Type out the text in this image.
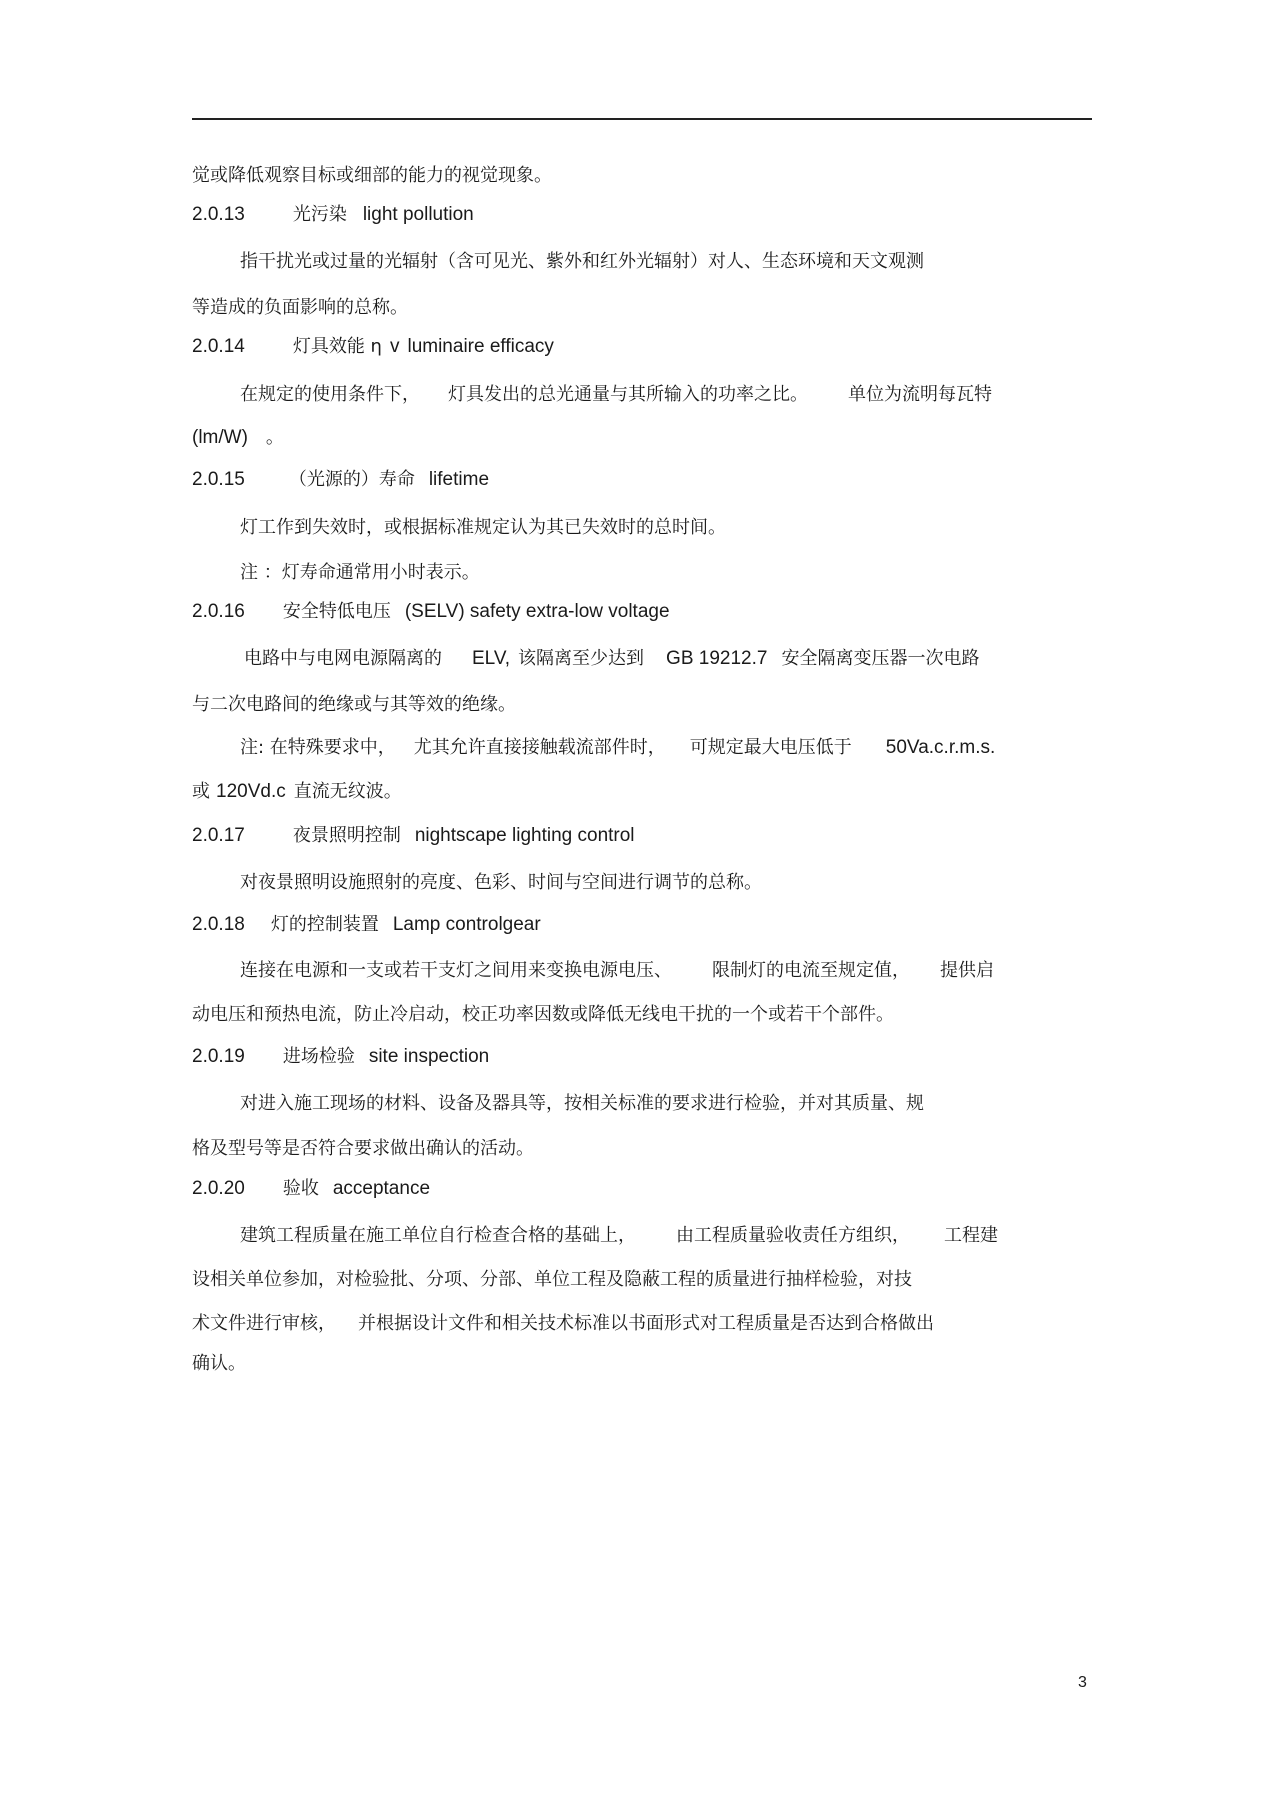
觉或降低观察目标或细部的能力的视觉现象。
2.0.13	光污染 light pollution
指干扰光或过量的光辐射（含可见光、紫外和红外光辐射）对人、生态环境和天文观测
等造成的负面影响的总称。
2.0.14	灯具效能 η v luminaire efficacy
在规定的使用条件下， 灯具发出的总光通量与其所输入的功率之比。 单位为流明每瓦特
(lm/W) 。
2.0.15 （光源的）寿命 lifetime
灯工作到失效时，或根据标准规定认为其已失效时的总时间。
注 ：灯寿命通常用小时表示。
2.0.16 安全特低电压 (SELV) safety extra-low voltage
电路中与电网电源隔离的 ELV, 该隔离至少达到 GB 19212.7 安全隔离变压器一次电路
与二次电路间的绝缘或与其等效的绝缘。
注: 在特殊要求中， 尤其允许直接接触载流部件时， 可规定最大电压低于 50Va.c.r.m.s.
或 120Vd.c 直流无纹波。
2.0.17	夜景照明控制 nightscape lighting control
对夜景照明设施照射的亮度、色彩、时间与空间进行调节的总称。
2.0.18 灯的控制装置 Lamp controlgear
连接在电源和一支或若干支灯之间用来变换电源电压、 限制灯的电流至规定值， 提供启
动电压和预热电流，防止冷启动，校正功率因数或降低无线电干扰的一个或若干个部件。
2.0.19 进场检验 site inspection
对进入施工现场的材料、设备及器具等，按相关标准的要求进行检验，并对其质量、规
格及型号等是否符合要求做出确认的活动。
2.0.20 验收 acceptance
建筑工程质量在施工单位自行检查合格的基础上， 由工程质量验收责任方组织， 工程建
设相关单位参加，对检验批、分项、分部、单位工程及隐蔽工程的质量进行抽样检验，对技
术文件进行审核， 并根据设计文件和相关技术标准以书面形式对工程质量是否达到合格做出
确认。
3
